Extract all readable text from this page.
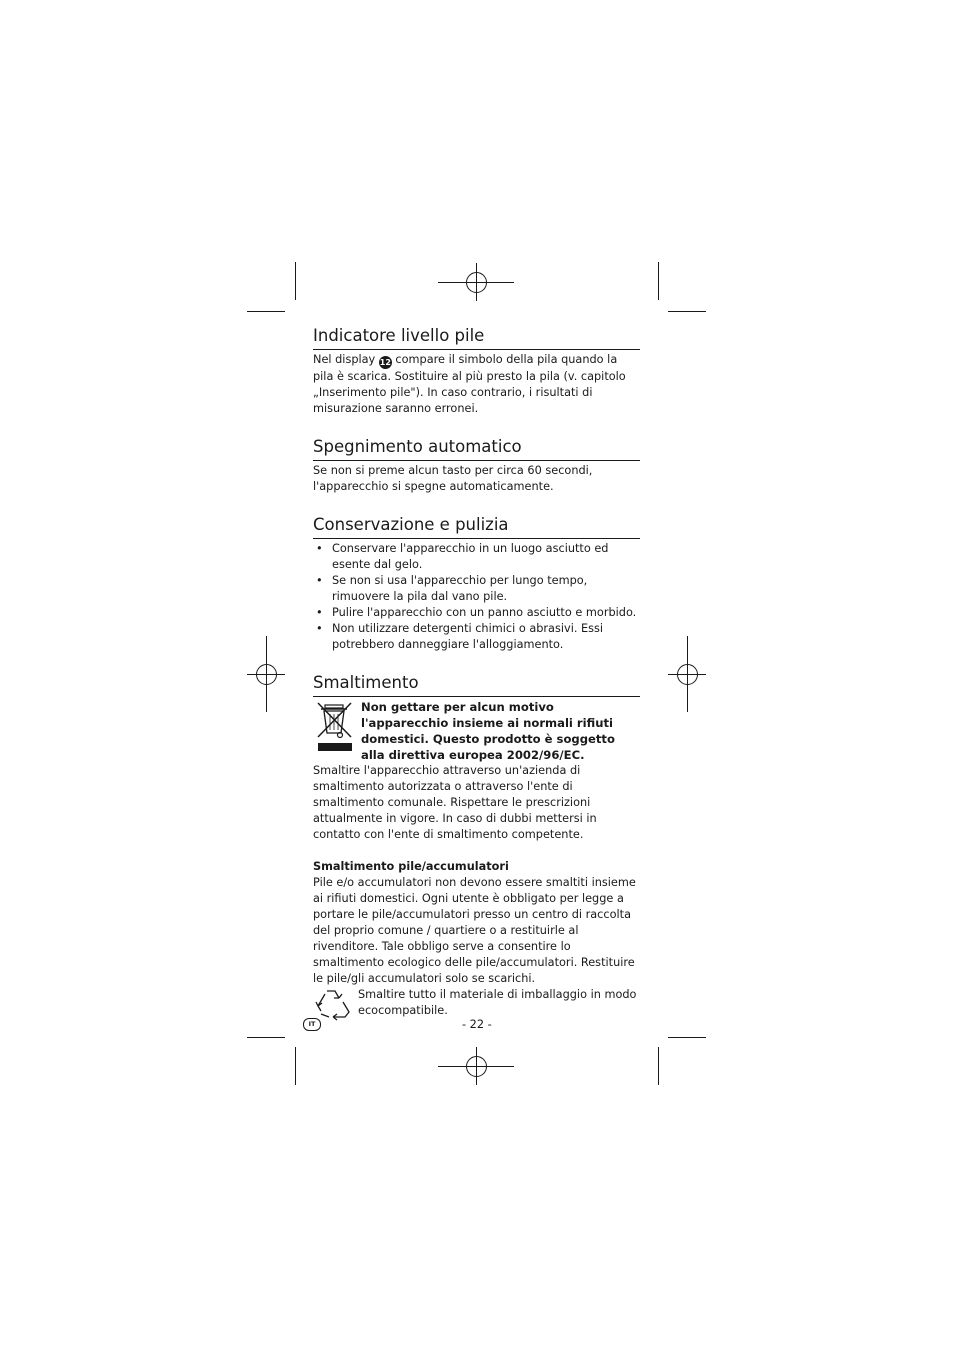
Indicatore livello pile

Nel display 12 compare il simbolo della pila quando la pila è scarica. Sostituire al più presto la pila (v. capitolo „Inserimento pile"). In caso contrario, i risultati di misurazione saranno erronei.

Spegnimento automatico

Se non si preme alcun tasto per circa 60 secondi, l'apparecchio si spegne automaticamente.

Conservazione e pulizia
• Conservare l'apparecchio in un luogo asciutto ed esente dal gelo.
• Se non si usa l'apparecchio per lungo tempo, rimuovere la pila dal vano pile.
• Pulire l'apparecchio con un panno asciutto e morbido.
• Non utilizzare detergenti chimici o abrasivi. Essi potrebbero danneggiare l'alloggiamento.
Smaltimento

Non gettare per alcun motivo l'apparecchio insieme ai normali rifiuti domestici. Questo prodotto è soggetto alla direttiva europea 2002/96/EC.

Smaltire l'apparecchio attraverso un'azienda di smaltimento autorizzata o attraverso l'ente di smaltimento comunale. Rispettare le prescrizioni attualmente in vigore. In caso di dubbi mettersi in contatto con l'ente di smaltimento competente.

Smaltimento pile/accumulatori

Pile e/o accumulatori non devono essere smaltiti insieme ai rifiuti domestici. Ogni utente è obbligato per legge a portare le pile/accumulatori presso un centro di raccolta del proprio comune / quartiere o a restituirle al rivenditore. Tale obbligo serve a consentire lo smaltimento ecologico delle pile/accumulatori. Restituire le pile/gli accumulatori solo se scarichi.

Smaltire tutto il materiale di imballaggio in modo ecocompatibile.

IT	- 22 -
